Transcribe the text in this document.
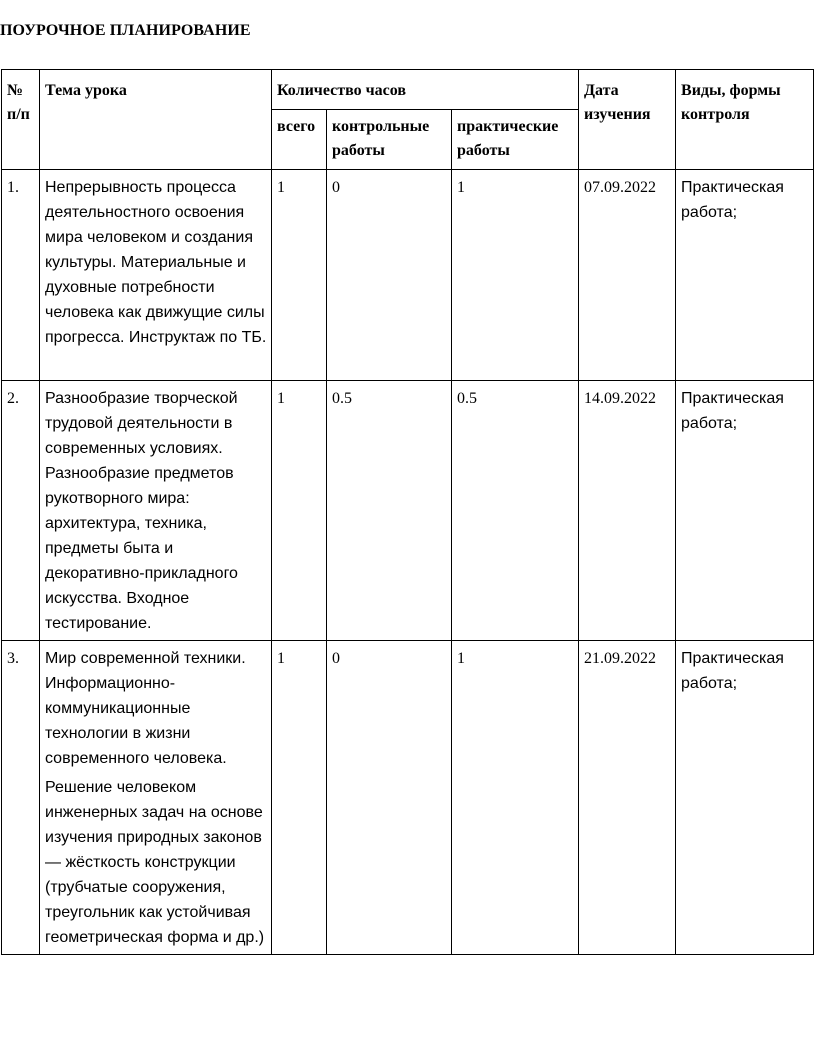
ПОУРОЧНОЕ ПЛАНИРОВАНИЕ
№ п/п	Тема урока	Количество часов			Дата изучения	Виды, формы контроля
		всего	контрольные работы	практические работы		
1.	Непрерывность процесса деятельностного освоения мира человеком и создания культуры. Материальные и духовные потребности человека как движущие силы прогресса. Инструктаж по ТБ.	1	0	1	07.09.2022	Практическая работа;
2.	Разнообразие творческой трудовой деятельности в современных условиях. Разнообразие предметов рукотворного мира: архитектура, техника, предметы быта и декоративно-прикладного искусства. Входное тестирование.	1	0.5	0.5	14.09.2022	Практическая работа;
3.	Мир современной техники. Информационно-коммуникационные технологии в жизни современного человека.
Решение человеком инженерных задач на основе изучения природных законов — жёсткость конструкции (трубчатые сооружения, треугольник как устойчивая геометрическая форма и др.)	1	0	1	21.09.2022	Практическая работа;
